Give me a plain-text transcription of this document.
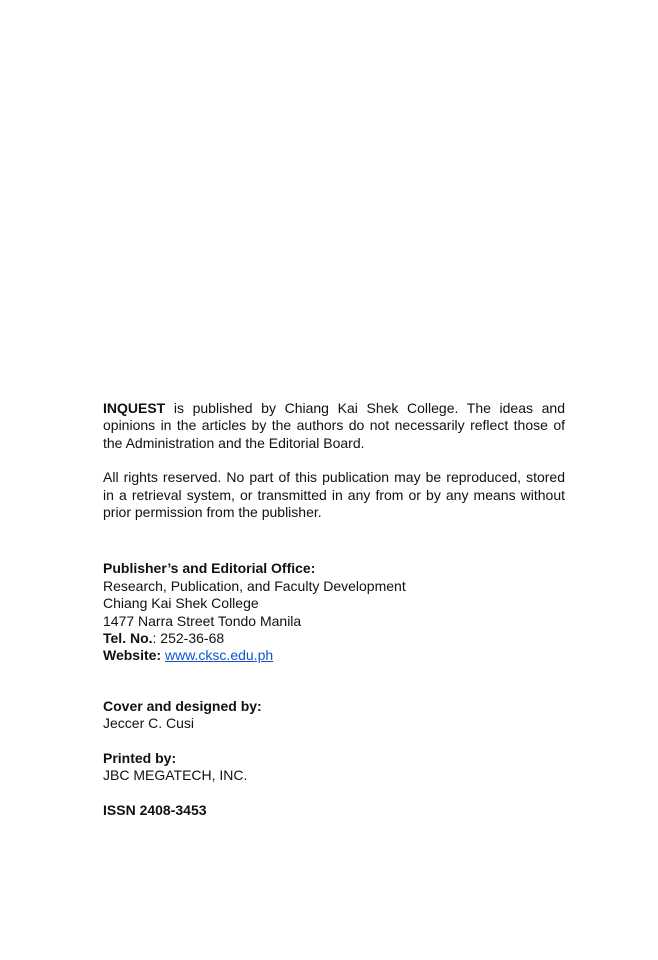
INQUEST is published by Chiang Kai Shek College. The ideas and opinions in the articles by the authors do not necessarily reflect those of the Administration and the Editorial Board.

All rights reserved. No part of this publication may be reproduced, stored in a retrieval system, or transmitted in any from or by any means without prior permission from the publisher.

Publisher’s and Editorial Office:
Research, Publication, and Faculty Development
Chiang Kai Shek College
1477 Narra Street Tondo Manila
Tel. No.: 252-36-68
Website: www.cksc.edu.ph
Cover and designed by:
Jeccer C. Cusi
Printed by:
JBC MEGATECH, INC.
ISSN 2408-3453
